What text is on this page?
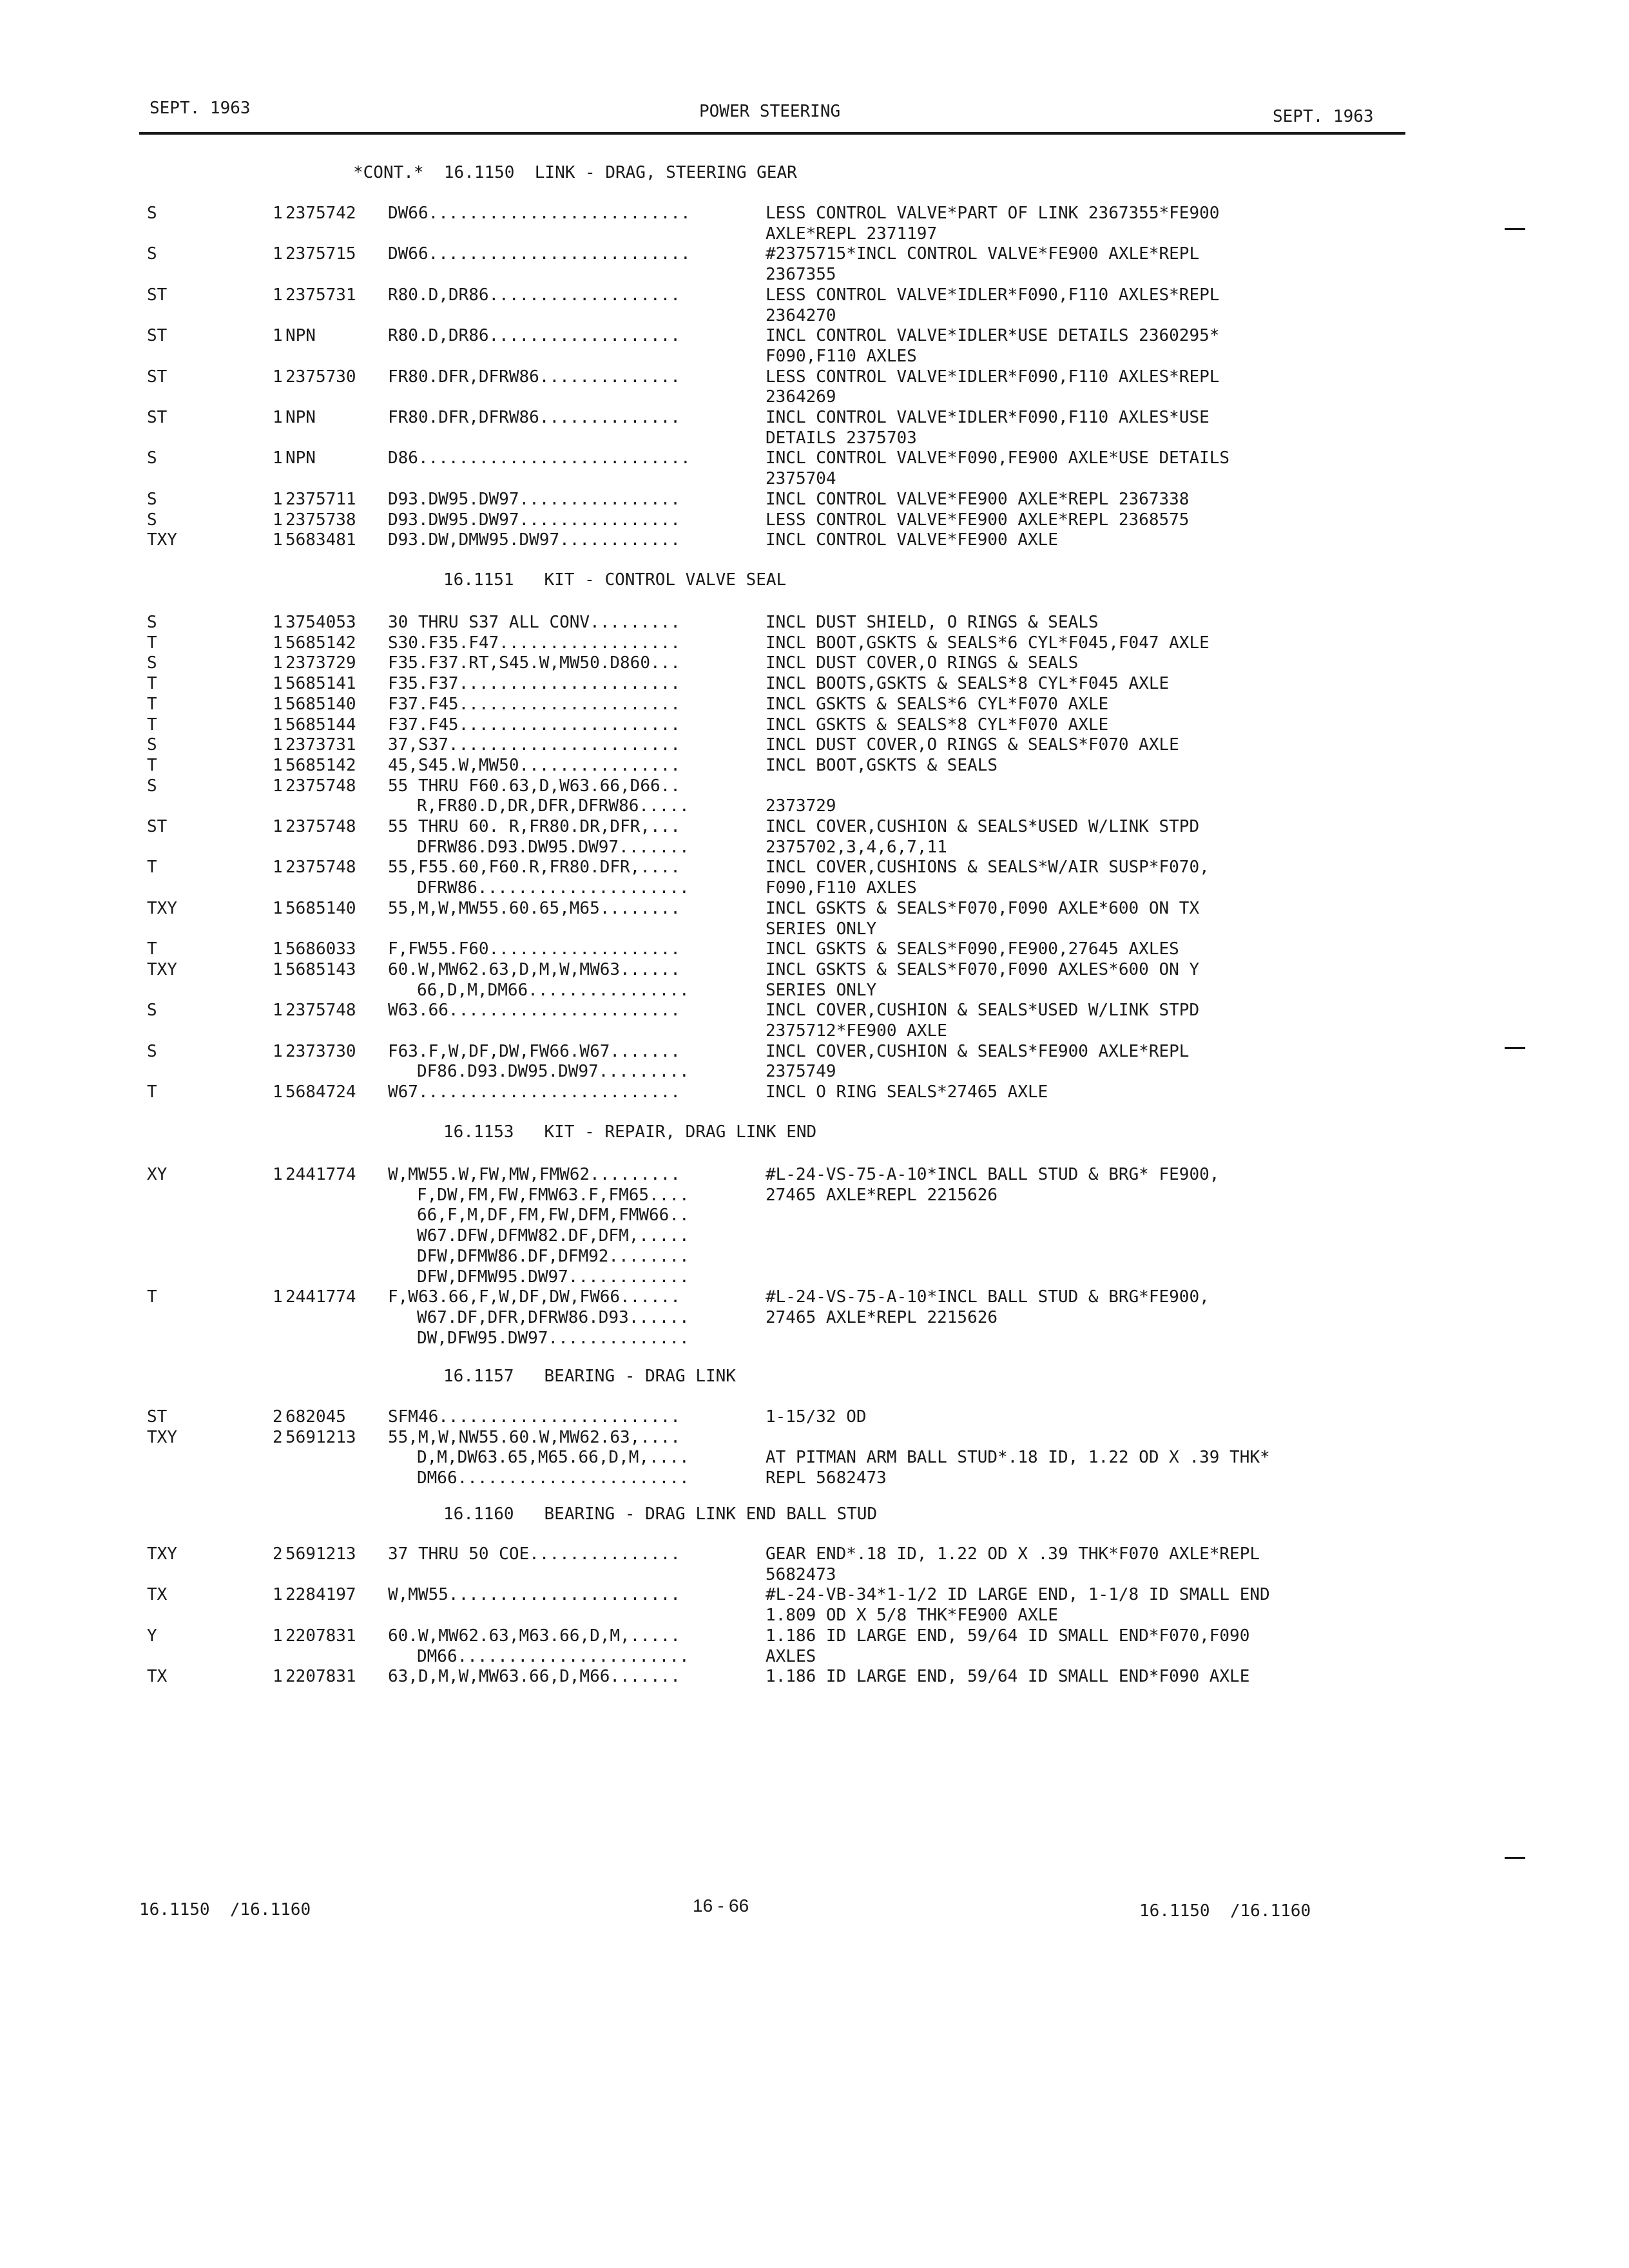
SEPT. 1963	POWER STEERING	SEPT. 1963
*CONT.*  16.1150  LINK - DRAG, STEERING GEAR
S	1 2375742 DW66..........................	LESS CONTROL VALVE*PART OF LINK 2367355*FE900
AXLE*REPL 2371197
S	1 2375715 DW66..........................	#2375715*INCL CONTROL VALVE*FE900 AXLE*REPL
2367355
ST	1 2375731 R80.D,DR86...................	LESS CONTROL VALVE*IDLER*F090,F110 AXLES*REPL
2364270
ST	1 NPN	R80.D,DR86...................	INCL CONTROL VALVE*IDLER*USE DETAILS 2360295*
F090,F110 AXLES
ST	1 2375730 FR80.DFR,DFRW86..............	LESS CONTROL VALVE*IDLER*F090,F110 AXLES*REPL
2364269
ST	1 NPN	FR80.DFR,DFRW86..............	INCL CONTROL VALVE*IDLER*F090,F110 AXLES*USE
DETAILS 2375703
S	1 NPN	D86...........................	INCL CONTROL VALVE*F090,FE900 AXLE*USE DETAILS
2375704
S	1 2375711 D93.DW95.DW97................	INCL CONTROL VALVE*FE900 AXLE*REPL 2367338
S	1 2375738 D93.DW95.DW97................	LESS CONTROL VALVE*FE900 AXLE*REPL 2368575
TXY	1 5683481 D93.DW,DMW95.DW97............	INCL CONTROL VALVE*FE900 AXLE
16.1151   KIT - CONTROL VALVE SEAL
S	1 3754053 30 THRU S37 ALL CONV.........	INCL DUST SHIELD, O RINGS & SEALS
T	1 5685142 S30.F35.F47..................	INCL BOOT,GSKTS & SEALS*6 CYL*F045,F047 AXLE
S	1 2373729 F35.F37.RT,S45.W,MW50.D860...	INCL DUST COVER,O RINGS & SEALS
T	1 5685141 F35.F37......................	INCL BOOTS,GSKTS & SEALS*8 CYL*F045 AXLE
T	1 5685140 F37.F45......................	INCL GSKTS & SEALS*6 CYL*F070 AXLE
T	1 5685144 F37.F45......................	INCL GSKTS & SEALS*8 CYL*F070 AXLE
S	1 2373731 37,S37.......................	INCL DUST COVER,O RINGS & SEALS*F070 AXLE
T	1 5685142 45,S45.W,MW50................	INCL BOOT,GSKTS & SEALS
S	1 2375748 55 THRU F60.63,D,W63.66,D66..
R,FR80.D,DR,DFR,DFRW86.....	2373729
ST	1 2375748 55 THRU 60. R,FR80.DR,DFR,...	INCL COVER,CUSHION & SEALS*USED W/LINK STPD
DFRW86.D93.DW95.DW97.......	2375702,3,4,6,7,11
T	1 2375748 55,F55.60,F60.R,FR80.DFR,....	INCL COVER,CUSHIONS & SEALS*W/AIR SUSP*F070,
DFRW86.....................	F090,F110 AXLES
TXY	1 5685140 55,M,W,MW55.60.65,M65........	INCL GSKTS & SEALS*F070,F090 AXLE*600 ON TX
SERIES ONLY
T	1 5686033 F,FW55.F60...................	INCL GSKTS & SEALS*F090,FE900,27645 AXLES
TXY	1 5685143 60.W,MW62.63,D,M,W,MW63......	INCL GSKTS & SEALS*F070,F090 AXLES*600 ON Y
66,D,M,DM66................	SERIES ONLY
S	1 2375748 W63.66.......................	INCL COVER,CUSHION & SEALS*USED W/LINK STPD
2375712*FE900 AXLE
S	1 2373730 F63.F,W,DF,DW,FW66.W67.......	INCL COVER,CUSHION & SEALS*FE900 AXLE*REPL
DF86.D93.DW95.DW97.........	2375749
T	1 5684724 W67..........................	INCL O RING SEALS*27465 AXLE
16.1153   KIT - REPAIR, DRAG LINK END
XY	1 2441774 W,MW55.W,FW,MW,FMW62.........	#L-24-VS-75-A-10*INCL BALL STUD & BRG* FE900,
F,DW,FM,FW,FMW63.F,FM65....	27465 AXLE*REPL 2215626
66,F,M,DF,FM,FW,DFM,FMW66..
W67.DFW,DFMW82.DF,DFM,.....
DFW,DFMW86.DF,DFM92........
DFW,DFMW95.DW97............
T	1 2441774 F,W63.66,F,W,DF,DW,FW66......	#L-24-VS-75-A-10*INCL BALL STUD & BRG*FE900,
W67.DF,DFR,DFRW86.D93......	27465 AXLE*REPL 2215626
DW,DFW95.DW97..............
16.1157   BEARING - DRAG LINK
ST	2 682045	SFM46........................	1-15/32 OD
TXY	2 5691213 55,M,W,NW55.60.W,MW62.63,....
D,M,DW63.65,M65.66,D,M,....	AT PITMAN ARM BALL STUD*.18 ID, 1.22 OD X .39 THK*
DM66.......................	REPL 5682473
16.1160   BEARING - DRAG LINK END BALL STUD
TXY	2 5691213 37 THRU 50 COE...............	GEAR END*.18 ID, 1.22 OD X .39 THK*F070 AXLE*REPL
5682473
TX	1 2284197 W,MW55.......................	#L-24-VB-34*1-1/2 ID LARGE END, 1-1/8 ID SMALL END
1.809 OD X 5/8 THK*FE900 AXLE
Y	1 2207831 60.W,MW62.63,M63.66,D,M,.....	1.186 ID LARGE END, 59/64 ID SMALL END*F070,F090
DM66.......................	AXLES
TX	1 2207831 63,D,M,W,MW63.66,D,M66.......	1.186 ID LARGE END, 59/64 ID SMALL END*F090 AXLE
16.1150  /16.1160	16 - 66	16.1150  /16.1160
